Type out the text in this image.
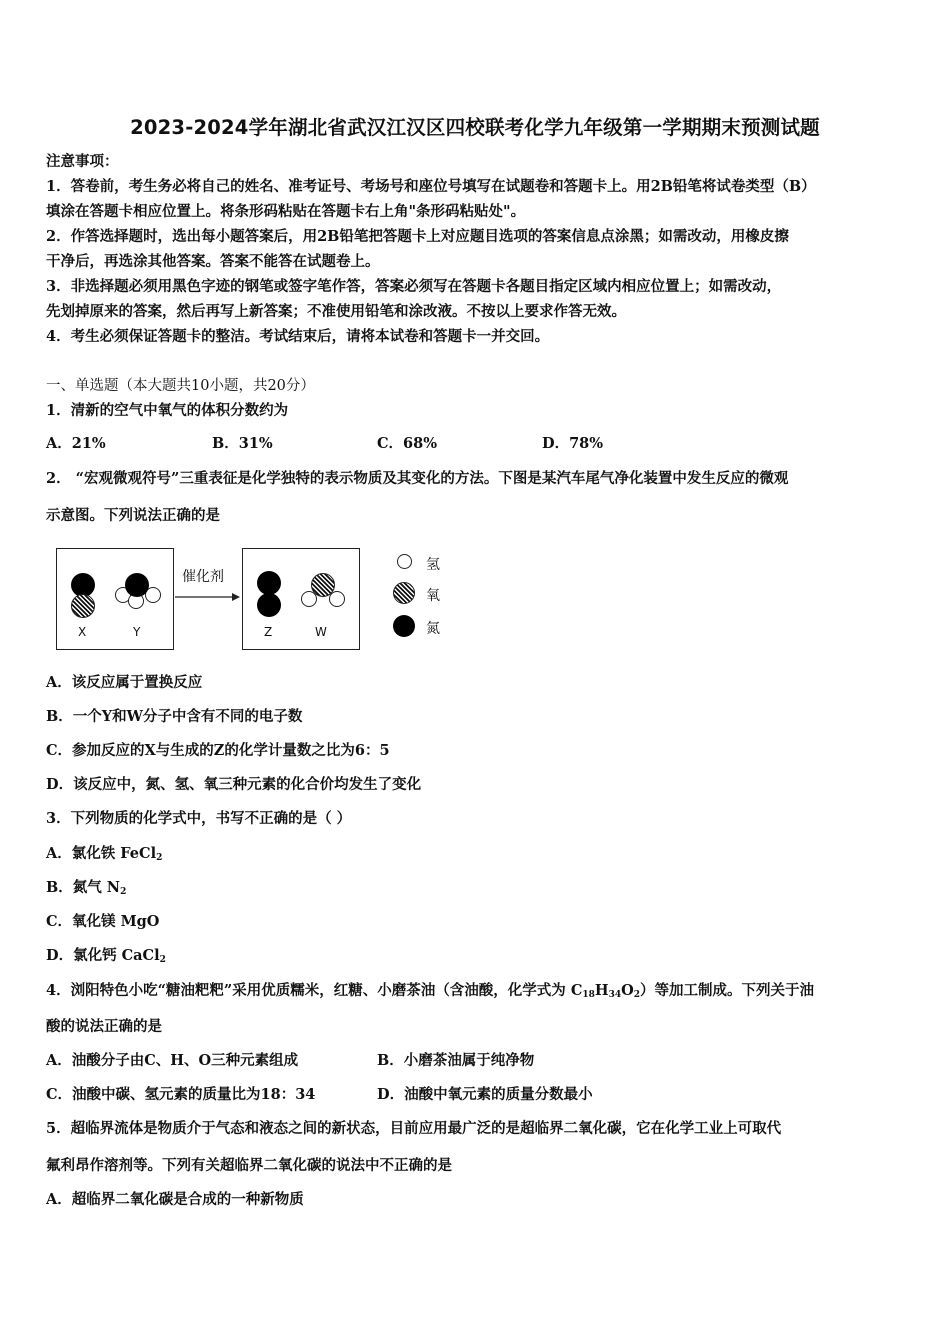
2023-2024学年湖北省武汉江汉区四校联考化学九年级第一学期期末预测试题
注意事项：
1．答卷前，考生务必将自己的姓名、准考证号、考场号和座位号填写在试题卷和答题卡上。用2B铅笔将试卷类型（B）
填涂在答题卡相应位置上。将条形码粘贴在答题卡右上角"条形码粘贴处"。
2．作答选择题时，选出每小题答案后，用2B铅笔把答题卡上对应题目选项的答案信息点涂黑；如需改动，用橡皮擦
干净后，再选涂其他答案。答案不能答在试题卷上。
3．非选择题必须用黑色字迹的钢笔或签字笔作答，答案必须写在答题卡各题目指定区域内相应位置上；如需改动，
先划掉原来的答案，然后再写上新答案；不准使用铅笔和涂改液。不按以上要求作答无效。
4．考生必须保证答题卡的整洁。考试结束后，请将本试卷和答题卡一并交回。
一、单选题（本大题共10小题，共20分）
1．清新的空气中氧气的体积分数约为
A．21%	B．31%	C．68%	D．78%
2． “宏观微观符号”三重表征是化学独特的表示物质及其变化的方法。下图是某汽车尾气净化装置中发生反应的微观
示意图。下列说法正确的是
X	Y
催化剂
Z	W
氢
氧
氮
A．该反应属于置换反应
B．一个Y和W分子中含有不同的电子数
C．参加反应的X与生成的Z的化学计量数之比为6：5
D．该反应中，氮、氢、氧三种元素的化合价均发生了变化
3．下列物质的化学式中，书写不正确的是（ ）
A．氯化铁 FeCl$_2$
B．氮气 $N_2$
C．氧化镁 MgO
D．氯化钙 CaCl$_2$
4．浏阳特色小吃“糖油粑粑”采用优质糯米，红糖、小磨茶油（含油酸，化学式为 $C_{18}H_{34}O_2$）等加工制成。下列关于油
酸的说法正确的是
A．油酸分子由C、H、O三种元素组成	B．小磨茶油属于纯净物
C．油酸中碳、氢元素的质量比为18：34	D．油酸中氧元素的质量分数最小
5．超临界流体是物质介于气态和液态之间的新状态，目前应用最广泛的是超临界二氧化碳，它在化学工业上可取代
氟利昂作溶剂等。下列有关超临界二氧化碳的说法中不正确的是
A．超临界二氧化碳是合成的一种新物质
